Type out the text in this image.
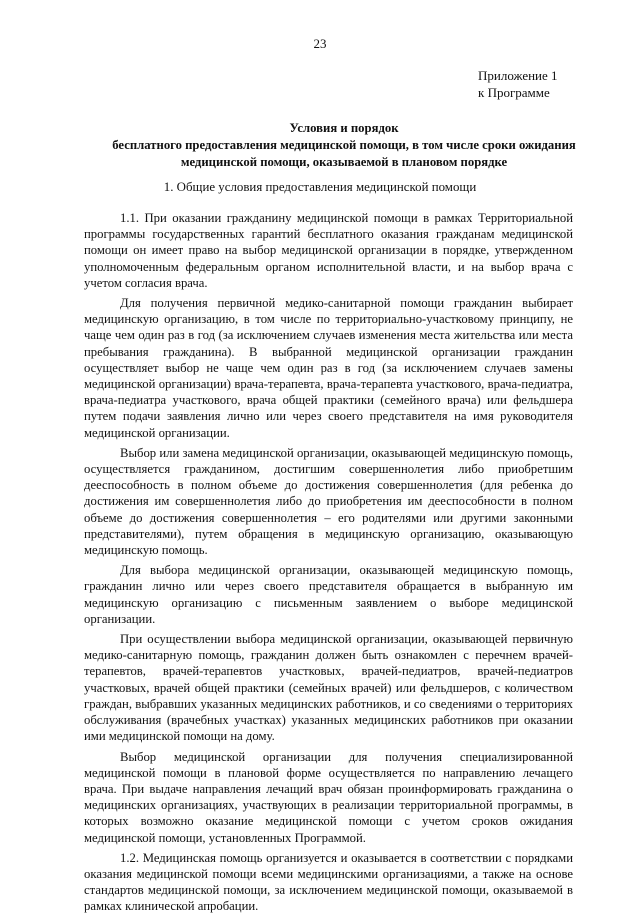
23
Приложение 1
к Программе
Условия и порядок
бесплатного предоставления медицинской помощи, в том числе сроки ожидания
медицинской помощи, оказываемой в плановом порядке
1. Общие условия предоставления медицинской помощи

1.1. При оказании гражданину медицинской помощи в рамках Территориальной программы государственных гарантий бесплатного оказания гражданам медицинской помощи он имеет право на выбор медицинской организации в порядке, утвержденном уполномоченным федеральным органом исполнительной власти, и на выбор врача с учетом согласия врача.

Для получения первичной медико-санитарной помощи гражданин выбирает медицинскую организацию, в том числе по территориально-участковому принципу, не чаще чем один раз в год (за исключением случаев изменения места жительства или места пребывания гражданина). В выбранной медицинской организации гражданин осуществляет выбор не чаще чем один раз в год (за исключением случаев замены медицинской организации) врача-терапевта, врача-терапевта участкового, врача-педиатра, врача-педиатра участкового, врача общей практики (семейного врача) или фельдшера путем подачи заявления лично или через своего представителя на имя руководителя медицинской организации.

Выбор или замена медицинской организации, оказывающей медицинскую помощь, осуществляется гражданином, достигшим совершеннолетия либо приобретшим дееспособность в полном объеме до достижения совершеннолетия (для ребенка до достижения им совершеннолетия либо до приобретения им дееспособности в полном объеме до достижения совершеннолетия – его родителями или другими законными представителями), путем обращения в медицинскую организацию, оказывающую медицинскую помощь.

Для выбора медицинской организации, оказывающей медицинскую помощь, гражданин лично или через своего представителя обращается в выбранную им медицинскую организацию с письменным заявлением о выборе медицинской организации.

При осуществлении выбора медицинской организации, оказывающей первичную медико-санитарную помощь, гражданин должен быть ознакомлен с перечнем врачей-терапевтов, врачей-терапевтов участковых, врачей-педиатров, врачей-педиатров участковых, врачей общей практики (семейных врачей) или фельдшеров, с количеством граждан, выбравших указанных медицинских работников, и со сведениями о территориях обслуживания (врачебных участках) указанных медицинских работников при оказании ими медицинской помощи на дому.

Выбор медицинской организации для получения специализированной медицинской помощи в плановой форме осуществляется по направлению лечащего врача. При выдаче направления лечащий врач обязан проинформировать гражданина о медицинских организациях, участвующих в реализации территориальной программы, в которых возможно оказание медицинской помощи с учетом сроков ожидания медицинской помощи, установленных Программой.

1.2. Медицинская помощь организуется и оказывается в соответствии с порядками оказания медицинской помощи всеми медицинскими организациями, а также на основе стандартов медицинской помощи, за исключением медицинской помощи, оказываемой в рамках клинической апробации.
